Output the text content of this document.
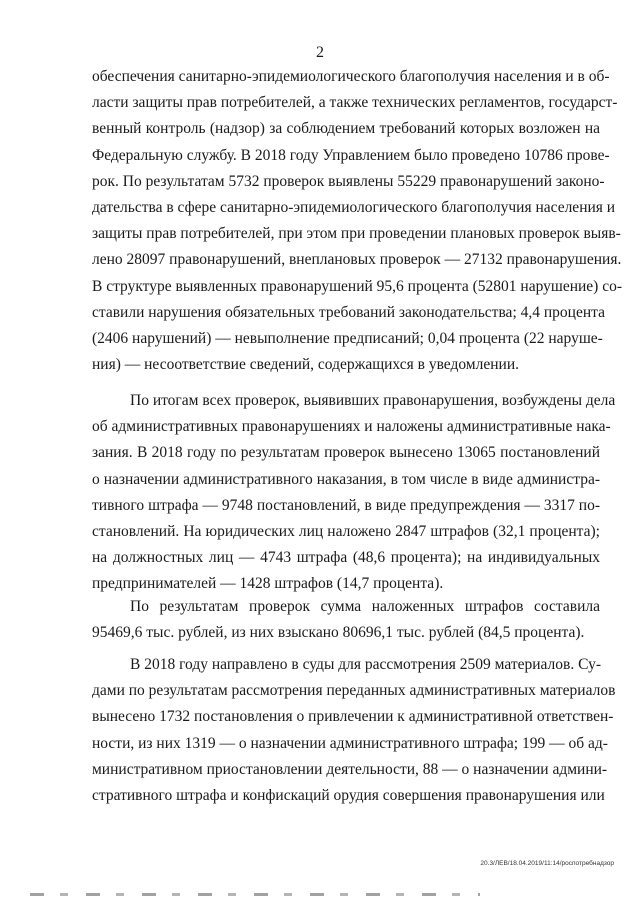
2
обеспечения санитарно-эпидемиологического благополучия населения и в об-
ласти защиты прав потребителей, а также технических регламентов, государст-
венный контроль (надзор) за соблюдением требований которых возложен на
Федеральную службу. В 2018 году Управлением было проведено 10786 прове-
рок. По результатам 5732 проверок выявлены 55229 правонарушений законо-
дательства в сфере санитарно-эпидемиологического благополучия населения и
защиты прав потребителей, при этом при проведении плановых проверок выяв-
лено 28097 правонарушений, внеплановых проверок — 27132 правонарушения.
В структуре выявленных правонарушений 95,6 процента (52801 нарушение) со-
ставили нарушения обязательных требований законодательства; 4,4 процента
(2406 нарушений) — невыполнение предписаний; 0,04 процента (22 наруше-
ния) — несоответствие сведений, содержащихся в уведомлении.
По итогам всех проверок, выявивших правонарушения, возбуждены дела
об административных правонарушениях и наложены административные нака-
зания. В 2018 году по результатам проверок вынесено 13065 постановлений
о назначении административного наказания, в том числе в виде администра-
тивного штрафа — 9748 постановлений, в виде предупреждения — 3317 по-
становлений. На юридических лиц наложено 2847 штрафов (32,1 процента);
на должностных лиц — 4743 штрафа (48,6 процента); на индивидуальных
предпринимателей — 1428 штрафов (14,7 процента).
По результатам проверок сумма наложенных штрафов составила
95469,6 тыс. рублей, из них взыскано 80696,1 тыс. рублей (84,5 процента).
В 2018 году направлено в суды для рассмотрения 2509 материалов. Су-
дами по результатам рассмотрения переданных административных материалов
вынесено 1732 постановления о привлечении к административной ответствен-
ности, из них 1319 — о назначении административного штрафа; 199 — об ад-
министративном приостановлении деятельности, 88 — о назначении админи-
стративного штрафа и конфискаций орудия совершения правонарушения или
20.3/ЛЕВ/18.04.2019/11:14/роспотребнадзор
